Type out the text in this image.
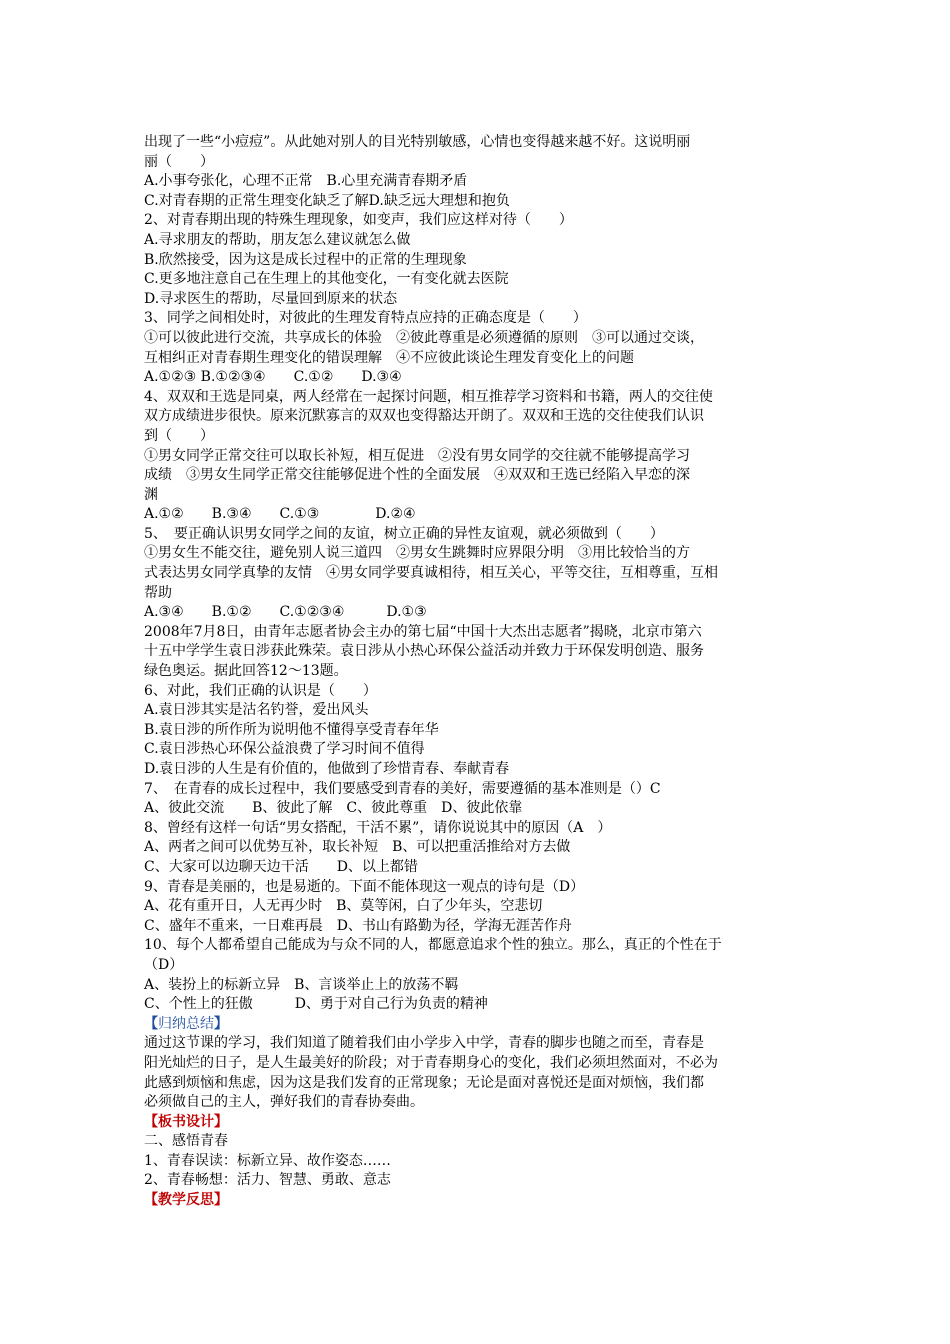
出现了一些“小痘痘”。从此她对别人的目光特别敏感，心情也变得越来越不好。这说明丽
丽（　　）
A.小事夸张化，心理不正常　B.心里充满青春期矛盾
C.对青春期的正常生理变化缺乏了解D.缺乏远大理想和抱负
2、对青春期出现的特殊生理现象，如变声，我们应这样对待（　　）
A.寻求朋友的帮助，朋友怎么建议就怎么做
B.欣然接受，因为这是成长过程中的正常的生理现象
C.更多地注意自己在生理上的其他变化，一有变化就去医院
D.寻求医生的帮助，尽量回到原来的状态
3、同学之间相处时，对彼此的生理发育特点应持的正确态度是（　　）
①可以彼此进行交流，共享成长的体验　②彼此尊重是必须遵循的原则　③可以通过交谈，
互相纠正对青春期生理变化的错误理解　④不应彼此谈论生理发育变化上的问题
A.①②③ B.①②③④　　C.①②　　D.③④
4、双双和王选是同桌，两人经常在一起探讨问题，相互推荐学习资料和书籍，两人的交往使
双方成绩进步很快。原来沉默寡言的双双也变得豁达开朗了。双双和王选的交往使我们认识
到（　　）
①男女同学正常交往可以取长补短，相互促进　②没有男女同学的交往就不能够提高学习
成绩　③男女生同学正常交往能够促进个性的全面发展　④双双和王选已经陷入早恋的深
渊
A.①②　　B.③④　　C.①③　　　　D.②④
5、　要正确认识男女同学之间的友谊，树立正确的异性友谊观，就必须做到（　　）
①男女生不能交往，避免别人说三道四　②男女生跳舞时应界限分明　③用比较恰当的方
式表达男女同学真挚的友情　④男女同学要真诚相待，相互关心，平等交往，互相尊重，互相
帮助
A.③④　　B.①②　　C.①②③④　　　D.①③
2008年7月8日，由青年志愿者协会主办的第七届“中国十大杰出志愿者”揭晓，北京市第六
十五中学学生袁日涉获此殊荣。袁日涉从小热心环保公益活动并致力于环保发明创造、服务
绿色奥运。据此回答12～13题。
6、对此，我们正确的认识是（　　）
A.袁日涉其实是沽名钓誉，爱出风头
B.袁日涉的所作所为说明他不懂得享受青春年华
C.袁日涉热心环保公益浪费了学习时间不值得
D.袁日涉的人生是有价值的，他做到了珍惜青春、奉献青春
7、　在青春的成长过程中，我们要感受到青春的美好，需要遵循的基本准则是（）C
A、彼此交流　　B、彼此了解　C、彼此尊重　D、彼此依靠
8、曾经有这样一句话“男女搭配，干活不累”，请你说说其中的原因（A　）
A、两者之间可以优势互补，取长补短　B、可以把重活推给对方去做
C、大家可以边聊天边干活　　D、以上都错
9、青春是美丽的，也是易逝的。下面不能体现这一观点的诗句是（D）
A、花有重开日，人无再少时　B、莫等闲，白了少年头，空悲切
C、盛年不重来，一日难再晨　D、书山有路勤为径，学海无涯苦作舟
10、每个人都希望自己能成为与众不同的人，都愿意追求个性的独立。那么，真正的个性在于
（D）
A、装扮上的标新立异　B、言谈举止上的放荡不羁
C、个性上的狂傲　　　D、勇于对自己行为负责的精神
【归纳总结】
通过这节课的学习，我们知道了随着我们由小学步入中学，青春的脚步也随之而至，青春是
阳光灿烂的日子，是人生最美好的阶段；对于青春期身心的变化，我们必须坦然面对，不必为
此感到烦恼和焦虑，因为这是我们发育的正常现象；无论是面对喜悦还是面对烦恼，我们都
必须做自己的主人，弹好我们的青春协奏曲。
【板书设计】
二、感悟青春
1、青春误读：标新立异、故作姿态……
2、青春畅想：活力、智慧、勇敢、意志
【教学反思】
